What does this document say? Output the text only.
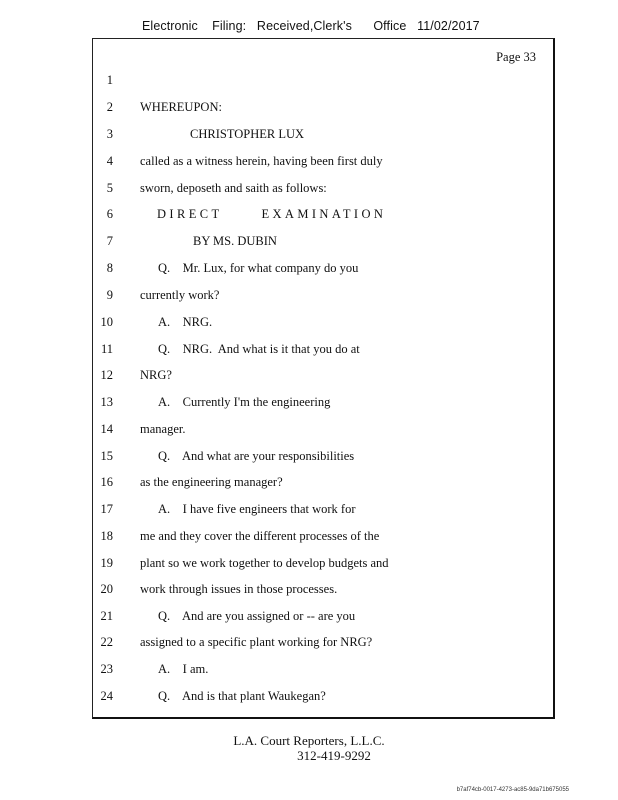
Electronic    Filing:   Received,Clerk's      Office   11/02/2017
Page 33
1
2 WHEREUPON:
3	CHRISTOPHER LUX
4 called as a witness herein, having been first duly
5 sworn, deposeth and saith as follows:
6	DIRECT      EXAMINATION
7	BY MS. DUBIN
8	Q.    Mr. Lux, for what company do you
9 currently work?
10	A.    NRG.
11	Q.    NRG.  And what is it that you do at
12 NRG?
13	A.    Currently I'm the engineering
14 manager.
15	Q.    And what are your responsibilities
16 as the engineering manager?
17	A.    I have five engineers that work for
18 me and they cover the different processes of the
19 plant so we work together to develop budgets and
20 work through issues in those processes.
21	Q.    And are you assigned or -- are you
22 assigned to a specific plant working for NRG?
23	A.    I am.
24	Q.    And is that plant Waukegan?
L.A. Court Reporters, L.L.C.
312-419-9292
b7af74cb-0017-4273-ac85-9da71b675055
